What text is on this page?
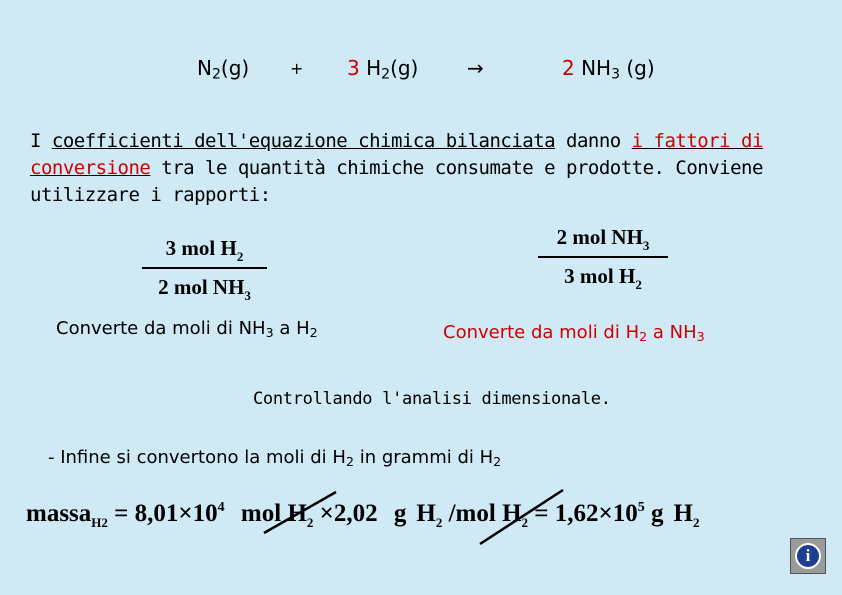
$N_2(g)$	+ 3 $H_2(g)$ →	2 $NH_3$ (g)
I coefficienti dell'equazione chimica bilanciata danno i fattori di conversione tra le quantità chimiche consumate e prodotte. Conviene utilizzare i rapporti:
3 mol $H_2$
2 mol $NH_3$
2 mol $NH_3$
3 mol $H_2$
Converte da moli di $NH_3$ a $H_2$	Converte da moli di $H_2$ a $NH_3$
Controllando l'analisi dimensionale.
- Infine si convertono la moli di $H_2$ in grammi di $H_2$
massa$_{H2}$ = $8,01\times 10^4$ mol $H_2 \times 2,02$ g $H_2$ /mol $H_2 = 1,62\times 10^5$ g $H_2$
i
